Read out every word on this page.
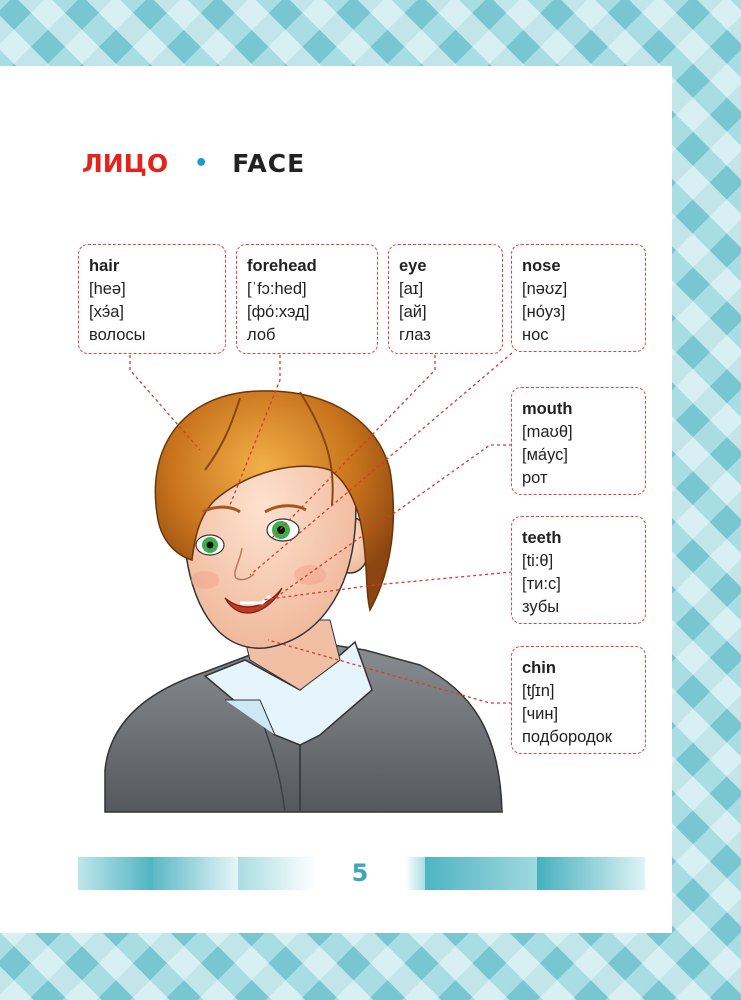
ЛИЦО • FACE
hair
[heə]
[хэ́а]
волосы
forehead
[ˈfɔ:hed]
[фо́:хэд]
лоб
eye
[aɪ]
[ай]
глаз
nose
[nəʊz]
[но́уз]
нос
mouth
[maʊθ]
[ма́ус]
рот
teeth
[ti:θ]
[ти:с]
зубы
chin
[tʃɪn]
[чин]
подбородок
5
